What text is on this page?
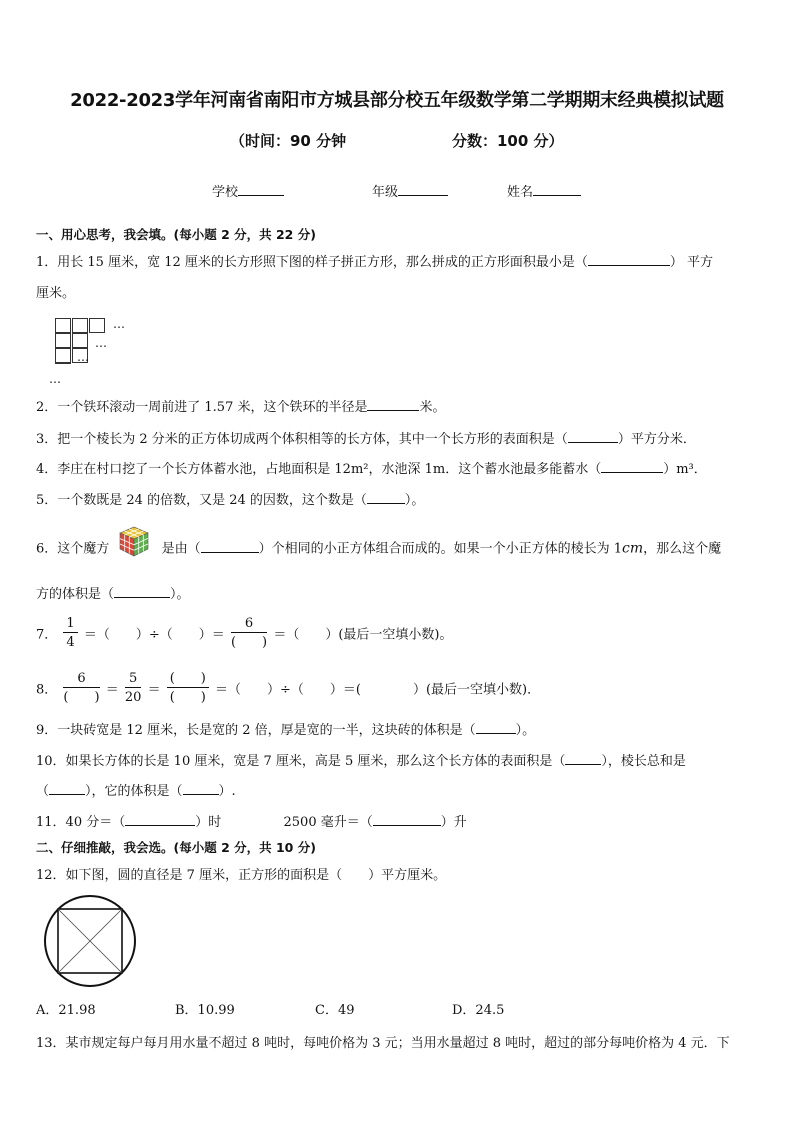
2022-2023学年河南省南阳市方城县部分校五年级数学第二学期期末经典模拟试题
（时间：90 分钟	分数：100 分）
学校	年级	姓名
一、用心思考，我会填。(每小题 2 分，共 22 分)
1．用长 15 厘米，宽 12 厘米的长方形照下图的样子拼正方形，那么拼成的正方形面积最小是（	） 平方
厘米。
…
…
…
…
2．一个铁环滚动一周前进了 1.57 米，这个铁环的半径是	米。
3．把一个棱长为 2 分米的正方体切成两个体积相等的长方体，其中一个长方形的表面积是（	）平方分米．
4．李庄在村口挖了一个长方体蓄水池，占地面积是 12m²，水池深 1m．这个蓄水池最多能蓄水（	）m³．
5．一个数既是 24 的倍数，又是 24 的因数，这个数是（	）。
6．这个魔方	是由（	）个相同的小正方体组合而成的。如果一个小正方体的棱长为 1cm，那么这个魔
方的体积是（	）。
7． $\frac{1}{4}$ ＝（　　）÷（　　）＝ $\frac{6}{( )}$ ＝（　　）(最后一空填小数)。
8． $\frac{6}{( )} = \frac{5}{20} = \frac{( )}{( )}$ ＝（　　）÷（　　）＝(　　　　）(最后一空填小数)．
9．一块砖宽是 12 厘米，长是宽的 2 倍，厚是宽的一半，这块砖的体积是（	）。
10．如果长方体的长是 10 厘米，宽是 7 厘米，高是 5 厘米，那么这个长方体的表面积是（	），棱长总和是
（	），它的体积是（	）.
11．40 分＝（	）时	2500 毫升＝（	）升
二、仔细推敲，我会选。(每小题 2 分，共 10 分)
12．如下图，圆的直径是 7 厘米，正方形的面积是（　　）平方厘米。
A．21.98	B．10.99	C．49	D．24.5
13．某市规定每户每月用水量不超过 8 吨时，每吨价格为 3 元；当用水量超过 8 吨时，超过的部分每吨价格为 4 元．下
